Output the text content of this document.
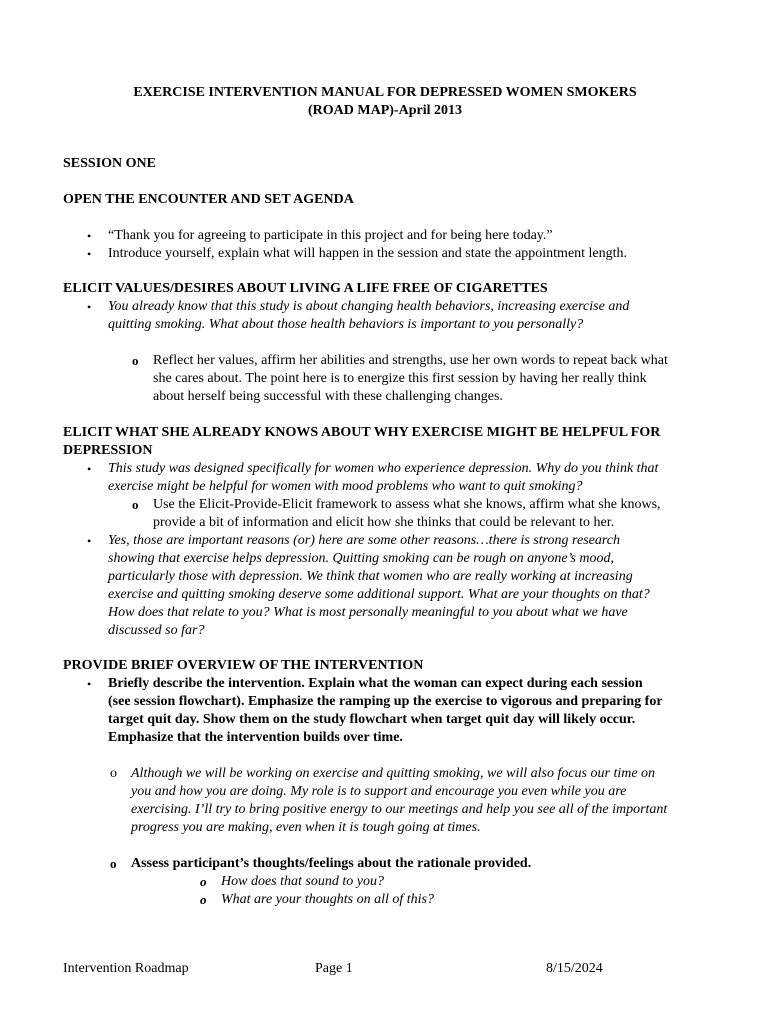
EXERCISE INTERVENTION MANUAL FOR DEPRESSED WOMEN SMOKERS
(ROAD MAP)-April 2013
SESSION ONE
OPEN THE ENCOUNTER AND SET AGENDA
• “Thank you for agreeing to participate in this project and for being here today.”
• Introduce yourself, explain what will happen in the session and state the appointment length.
ELICIT VALUES/DESIRES ABOUT LIVING A LIFE FREE OF CIGARETTES
• You already know that this study is about changing health behaviors, increasing exercise and
quitting smoking. What about those health behaviors is important to you personally?
o Reflect her values, affirm her abilities and strengths, use her own words to repeat back what
she cares about. The point here is to energize this first session by having her really think
about herself being successful with these challenging changes.
ELICIT WHAT SHE ALREADY KNOWS ABOUT WHY EXERCISE MIGHT BE HELPFUL FOR
DEPRESSION
• This study was designed specifically for women who experience depression. Why do you think that
exercise might be helpful for women with mood problems who want to quit smoking?
o Use the Elicit-Provide-Elicit framework to assess what she knows, affirm what she knows,
provide a bit of information and elicit how she thinks that could be relevant to her.
• Yes, those are important reasons (or) here are some other reasons…there is strong research
showing that exercise helps depression. Quitting smoking can be rough on anyone’s mood,
particularly those with depression. We think that women who are really working at increasing
exercise and quitting smoking deserve some additional support. What are your thoughts on that?
How does that relate to you? What is most personally meaningful to you about what we have
discussed so far?
PROVIDE BRIEF OVERVIEW OF THE INTERVENTION
• Briefly describe the intervention. Explain what the woman can expect during each session
(see session flowchart). Emphasize the ramping up the exercise to vigorous and preparing for
target quit day. Show them on the study flowchart when target quit day will likely occur.
Emphasize that the intervention builds over time.
o Although we will be working on exercise and quitting smoking, we will also focus our time on
you and how you are doing. My role is to support and encourage you even while you are
exercising. I’ll try to bring positive energy to our meetings and help you see all of the important
progress you are making, even when it is tough going at times.
o Assess participant’s thoughts/feelings about the rationale provided.
o How does that sound to you?
o What are your thoughts on all of this?
Intervention Roadmap	Page 1	8/15/2024
